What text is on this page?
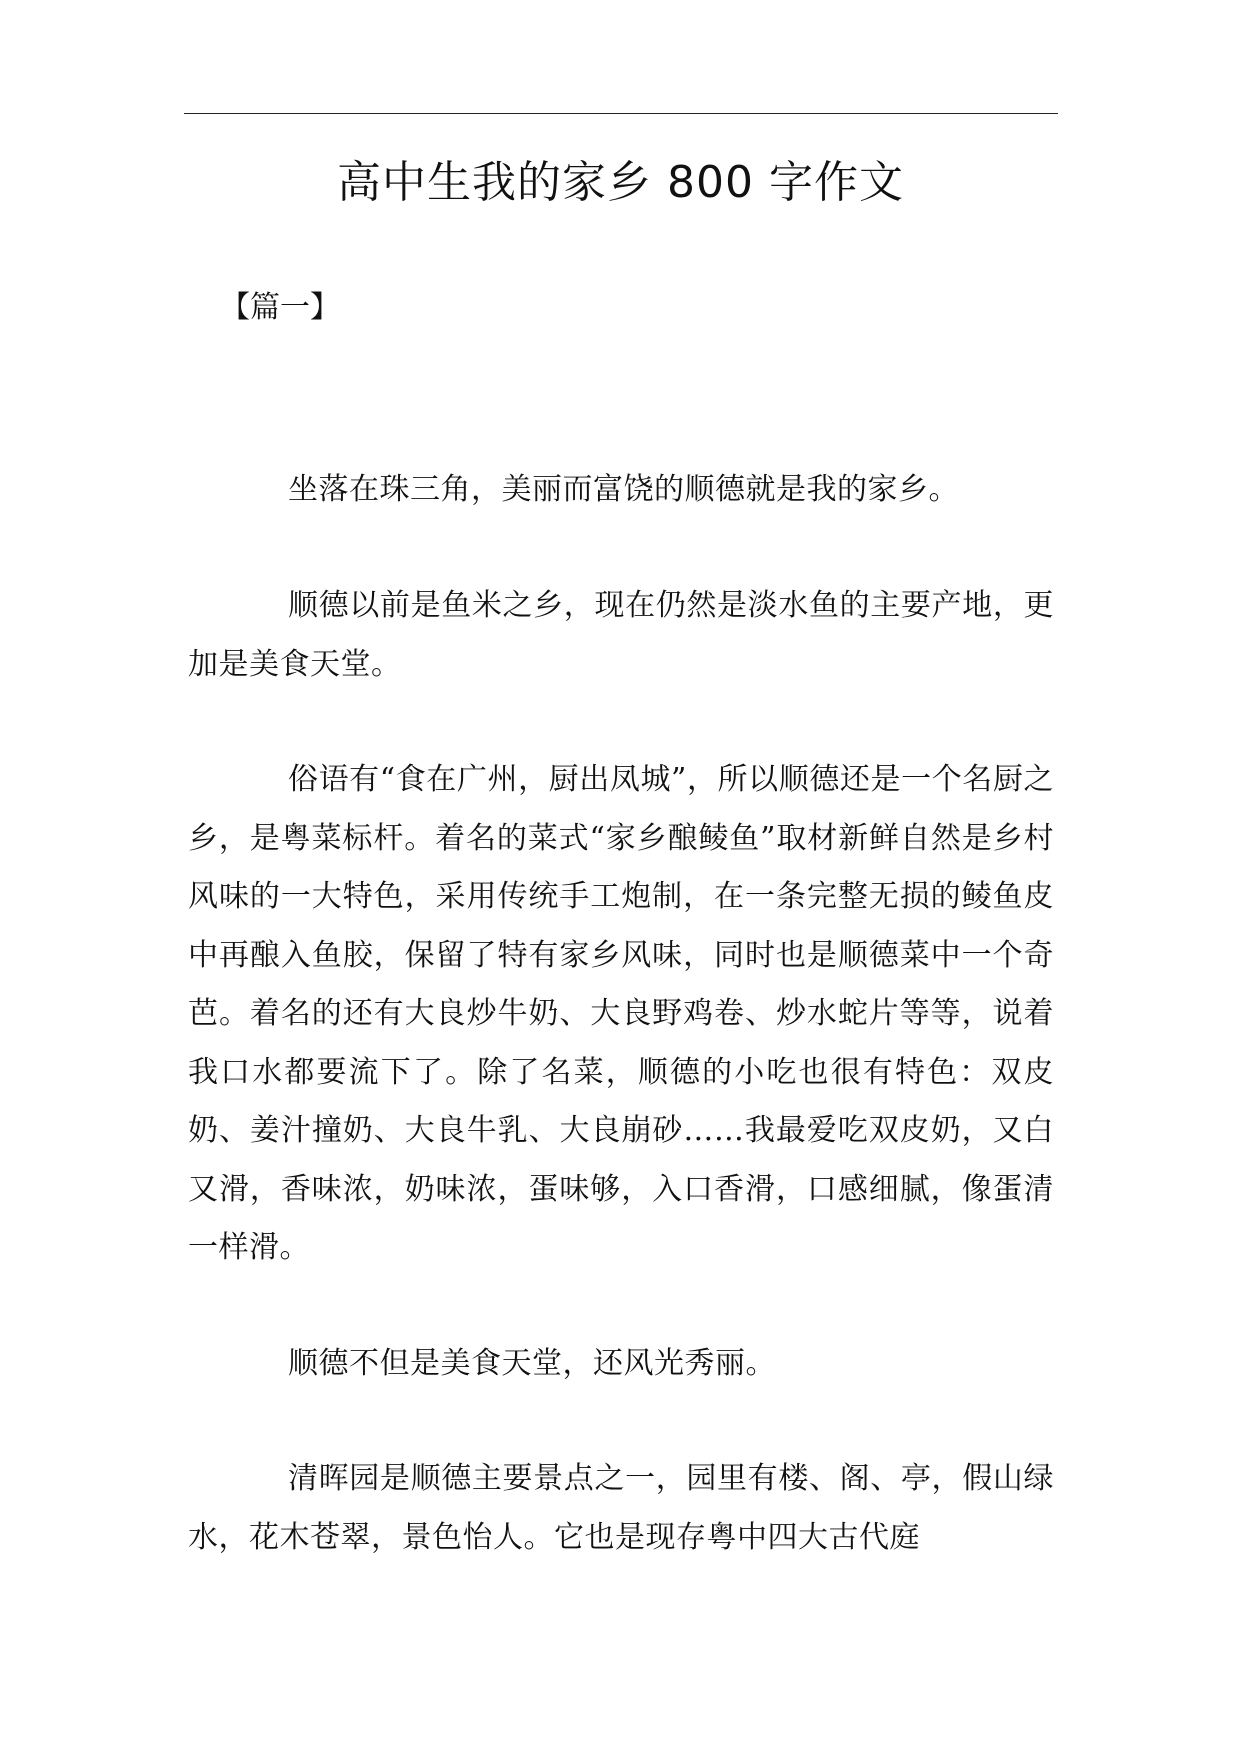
高中生我的家乡 800 字作文

【篇一】

坐落在珠三角，美丽而富饶的顺德就是我的家乡。

顺德以前是鱼米之乡，现在仍然是淡水鱼的主要产地，更加是美食天堂。

俗语有“食在广州，厨出凤城”，所以顺德还是一个名厨之乡，是粤菜标杆。着名的菜式“家乡酿鲮鱼”取材新鲜自然是乡村风味的一大特色，采用传统手工炮制，在一条完整无损的鲮鱼皮中再酿入鱼胶，保留了特有家乡风味，同时也是顺德菜中一个奇芭。着名的还有大良炒牛奶、大良野鸡卷、炒水蛇片等等，说着我口水都要流下了。除了名菜，顺德的小吃也很有特色：双皮奶、姜汁撞奶、大良牛乳、大良崩砂……我最爱吃双皮奶，又白又滑，香味浓，奶味浓，蛋味够，入口香滑，口感细腻，像蛋清一样滑。

顺德不但是美食天堂，还风光秀丽。

清晖园是顺德主要景点之一，园里有楼、阁、亭，假山绿水，花木苍翠，景色怡人。它也是现存粤中四大古代庭
